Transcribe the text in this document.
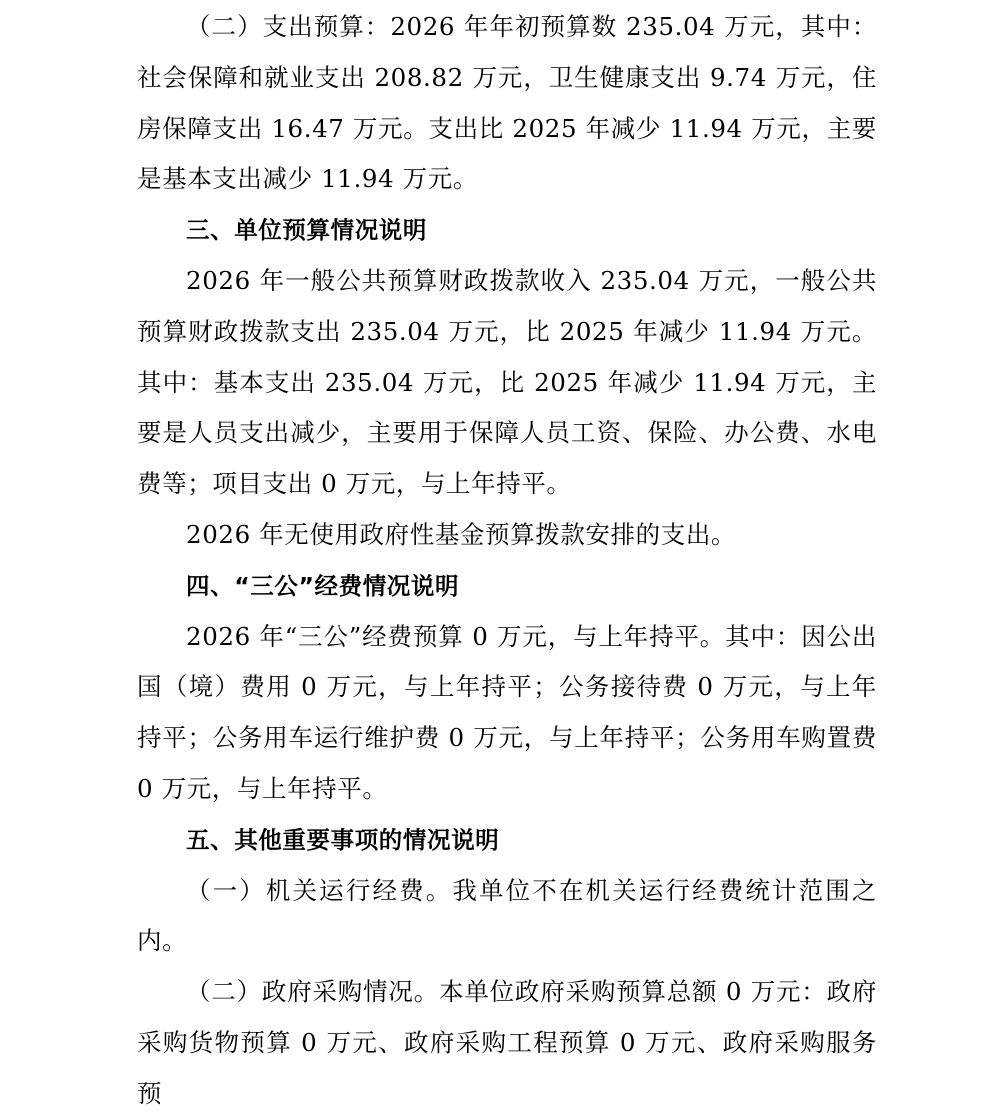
（二）支出预算：2026 年年初预算数 235.04 万元，其中：社会保障和就业支出 208.82 万元，卫生健康支出 9.74 万元，住房保障支出 16.47 万元。支出比 2025 年减少 11.94 万元，主要是基本支出减少 11.94 万元。

三、单位预算情况说明

2026 年一般公共预算财政拨款收入 235.04 万元，一般公共预算财政拨款支出 235.04 万元，比 2025 年减少 11.94 万元。其中：基本支出 235.04 万元，比 2025 年减少 11.94 万元，主要是人员支出减少，主要用于保障人员工资、保险、办公费、水电费等；项目支出 0 万元，与上年持平。

2026 年无使用政府性基金预算拨款安排的支出。

四、“三公”经费情况说明

2026 年“三公”经费预算 0 万元，与上年持平。其中：因公出国（境）费用 0 万元，与上年持平；公务接待费 0 万元，与上年持平；公务用车运行维护费 0 万元，与上年持平；公务用车购置费 0 万元，与上年持平。

五、其他重要事项的情况说明

（一）机关运行经费。我单位不在机关运行经费统计范围之内。

（二）政府采购情况。本单位政府采购预算总额 0 万元：政府采购货物预算 0 万元、政府采购工程预算 0 万元、政府采购服务预
